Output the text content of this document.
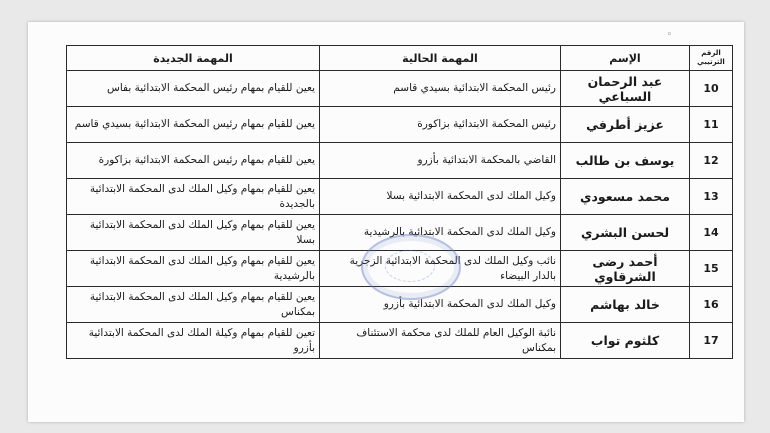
◦
الرقم الترتيبي	الإسم	المهمة الحالية	المهمة الجديدة
10	عبد الرحمان السباعي	رئيس المحكمة الابتدائية بسيدي قاسم	يعين للقيام بمهام رئيس المحكمة الابتدائية بفاس
11	عزيز أطرفي	رئيس المحكمة الابتدائية بزاكورة	يعين للقيام بمهام رئيس المحكمة الابتدائية بسيدي قاسم
12	يوسف بن طالب	القاضي بالمحكمة الابتدائية بأزرو	يعين للقيام بمهام رئيس المحكمة الابتدائية بزاكورة
13	محمد مسعودي	وكيل الملك لدى المحكمة الابتدائية بسلا	يعين للقيام بمهام وكيل الملك لدى المحكمة الابتدائية بالجديدة
14	لحسن البشري	وكيل الملك لدى المحكمة الابتدائية بالرشيدية	يعين للقيام بمهام وكيل الملك لدى المحكمة الابتدائية بسلا
15	أحمد رضى الشرقاوي	نائب وكيل الملك لدى المحكمة الابتدائية الزجرية بالدار البيضاء	يعين للقيام بمهام وكيل الملك لدى المحكمة الابتدائية بالرشيدية
16	خالد بهاشم	وكيل الملك لدى المحكمة الابتدائية بأزرو	يعين للقيام بمهام وكيل الملك لدى المحكمة الابتدائية بمكناس
17	كلثوم تواب	نائبة الوكيل العام للملك لدى محكمة الاستئناف بمكناس	تعين للقيام بمهام وكيلة الملك لدى المحكمة الابتدائية بأزرو
